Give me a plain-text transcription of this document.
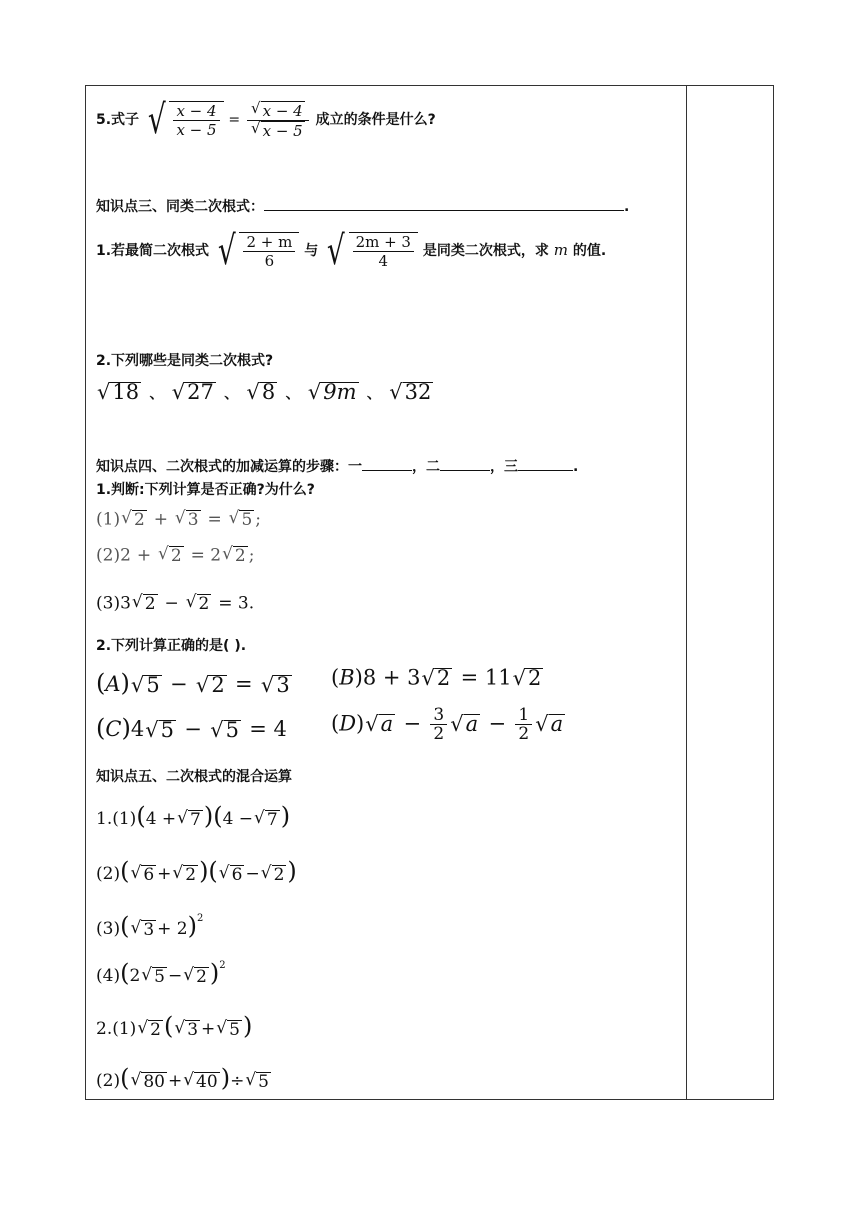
5.式子 √ $\frac{x - 4}{x - 5} = \frac{√ x - 4}{√ x - 5}$ 成立的条件是什么?
知识点三、同类二次根式：	.
1.若最简二次根式 √ $\frac{2 + m}{6}$ 与 √ $\frac{2m + 3}{4}$ 是同类二次根式，求 m 的值.
2.下列哪些是同类二次根式?
√ 18 、 √ 27 、 √ 8 、 √ 9m 、 √ 32
知识点四、二次根式的加减运算的步骤：一	，二	，三	.
1.判断:下列计算是否正确?为什么?
(1) √ 2 + √ 3 = √ 5 ;
(2)2 + √ 2 = 2 √ 2 ;
(3)3 √ 2 − √ 2 = 3.
2.下列计算正确的是( ).
(A) √ 5 − √ 2 = √ 3 (B)8 + 3 √ 2 = 11 √ 2
(C)4 √ 5 − √ 5 = 4 (D) √ $a - \frac{3}{2}$ √ $a - \frac{1}{2}$ √ a
知识点五、二次根式的混合运算
1.(1)(4 + √ 7 )(4 − √ 7 )
(2)( √ 6 + √ 2 )( √ 6 − √ 2 )
(3)( √ 3 + 2)$^2$
(4)(2 √ 5 − √ 2 )$^2$
2.(1) √ 2 ( √ 3 + √ 5 )
(2)( √ 80 + √ 40 )÷ √ 5
